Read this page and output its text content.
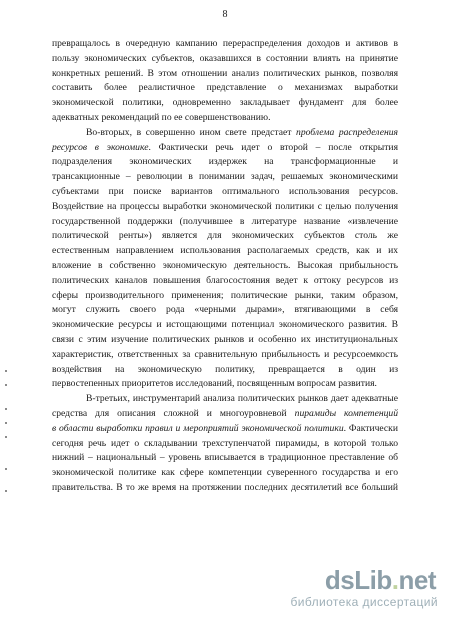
8
превращалось в очередную кампанию перераспределения доходов и активов в
пользу экономических субъектов, оказавшихся в состоянии влиять на принятие
конкретных решений. В этом отношении анализ политических рынков, позволяя
составить более реалистичное представление о механизмах выработки
экономической политики, одновременно закладывает фундамент для более
адекватных рекомендаций по ее совершенствованию.
Во-вторых, в совершенно ином свете предстает проблема распределения
ресурсов в экономике. Фактически речь идет о второй – после открытия
подразделения экономических издержек на трансформационные и
трансакционные – революции в понимании задач, решаемых экономическими
субъектами при поиске вариантов оптимального использования ресурсов.
Воздействие на процессы выработки экономической политики с целью получения
государственной поддержки (получившее в литературе название «извлечение
политической ренты») является для экономических субъектов столь же
естественным направлением использования располагаемых средств, как и их
вложение в собственно экономическую деятельность. Высокая прибыльность
политических каналов повышения благосостояния ведет к оттоку ресурсов из
сферы производительного применения; политические рынки, таким образом,
могут служить своего рода «черными дырами», втягивающими в себя
экономические ресурсы и истощающими потенциал экономического развития. В
связи с этим изучение политических рынков и особенно их институциональных
характеристик, ответственных за сравнительную прибыльность и ресурсоемкость
воздействия на экономическую политику, превращается в один из
первостепенных приоритетов исследований, посвященным вопросам развития.
В-третьих, инструментарий анализа политических рынков дает адекватные
средства для описания сложной и многоуровневой пирамиды компетенций
в области выработки правил и мероприятий экономической политики. Фактически
сегодня речь идет о складывании трехступенчатой пирамиды, в которой только
нижний – национальный – уровень вписывается в традиционное преставление об
экономической политике как сфере компетенции суверенного государства и его
правительства. В то же время на протяжении последних десятилетий все больший
dsLib.net
библиотека диссертаций
